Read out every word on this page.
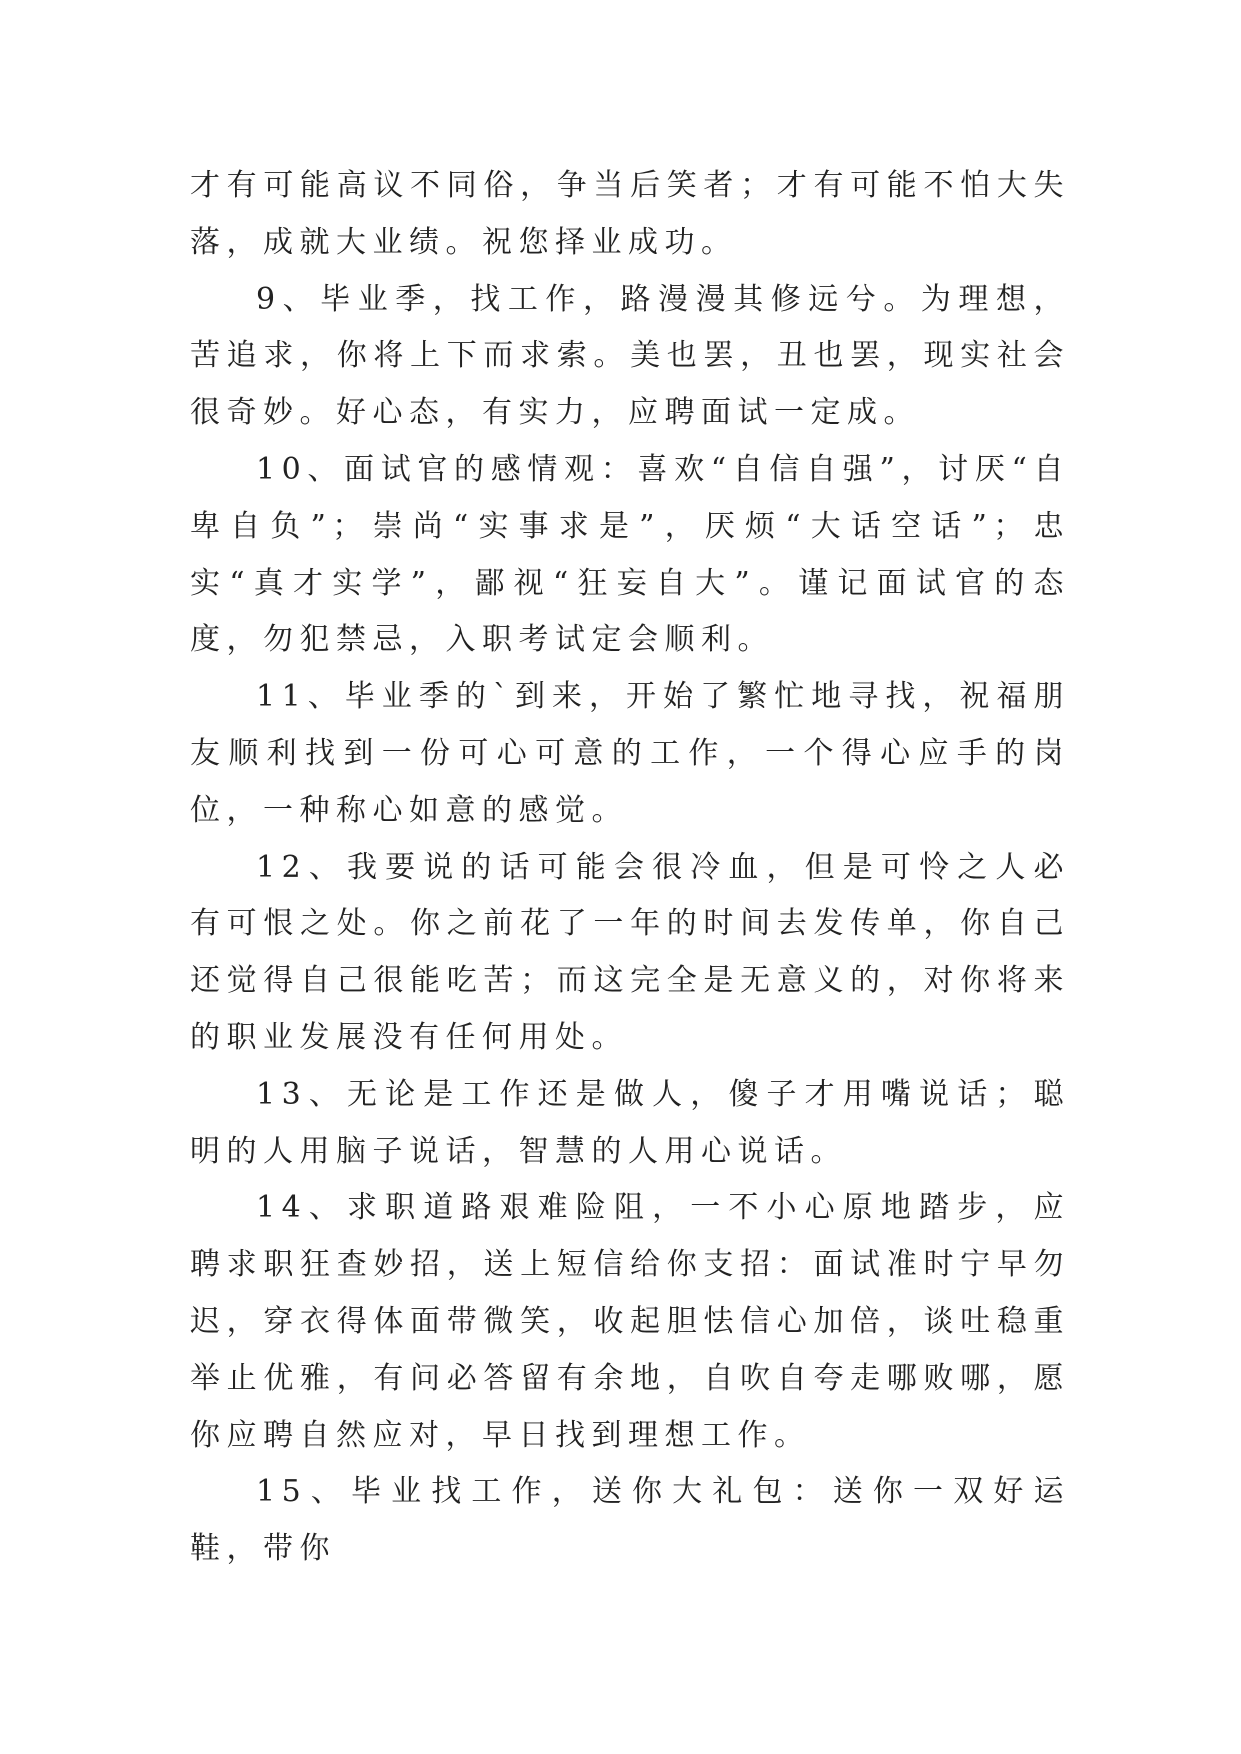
才有可能高议不同俗，争当后笑者；才有可能不怕大失落，成就大业绩。祝您择业成功。

9、毕业季，找工作，路漫漫其修远兮。为理想，苦追求，你将上下而求索。美也罢，丑也罢，现实社会很奇妙。好心态，有实力，应聘面试一定成。

10、面试官的感情观：喜欢“自信自强”，讨厌“自卑自负”；崇尚“实事求是”，厌烦“大话空话”；忠实“真才实学”，鄙视“狂妄自大”。谨记面试官的态度，勿犯禁忌，入职考试定会顺利。

11、毕业季的`到来，开始了繁忙地寻找，祝福朋友顺利找到一份可心可意的工作，一个得心应手的岗位，一种称心如意的感觉。

12、我要说的话可能会很冷血，但是可怜之人必有可恨之处。你之前花了一年的时间去发传单，你自己还觉得自己很能吃苦；而这完全是无意义的，对你将来的职业发展没有任何用处。

13、无论是工作还是做人，傻子才用嘴说话；聪明的人用脑子说话，智慧的人用心说话。

14、求职道路艰难险阻，一不小心原地踏步，应聘求职狂查妙招，送上短信给你支招：面试准时宁早勿迟，穿衣得体面带微笑，收起胆怯信心加倍，谈吐稳重举止优雅，有问必答留有余地，自吹自夸走哪败哪，愿你应聘自然应对，早日找到理想工作。

15、毕业找工作，送你大礼包：送你一双好运鞋，带你
